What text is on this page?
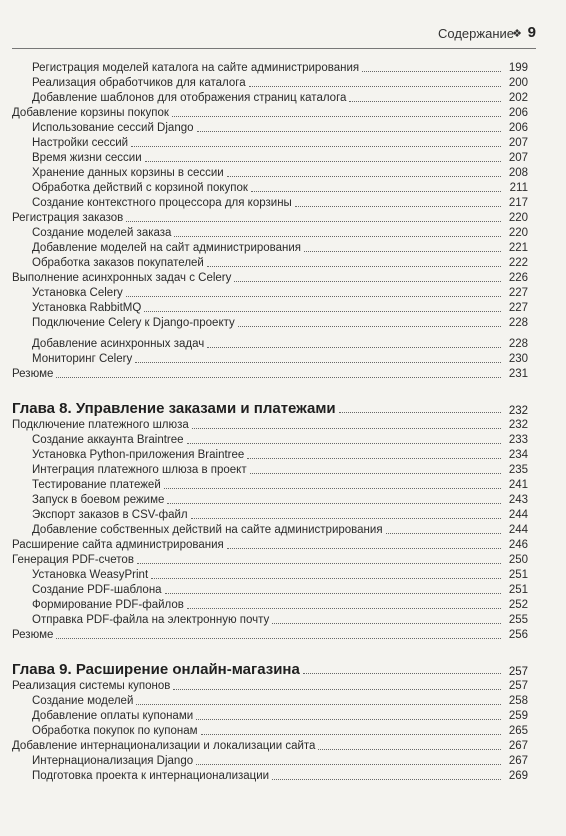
Содержание
❖ 9
Регистрация моделей каталога на сайте администрирования	199
Реализация обработчиков для каталога	200
Добавление шаблонов для отображения страниц каталога	202
Добавление корзины покупок	206
Использование сессий Django	206
Настройки сессий	207
Время жизни сессии	207
Хранение данных корзины в сессии	208
Обработка действий с корзиной покупок	211
Создание контекстного процессора для корзины	217
Регистрация заказов	220
Создание моделей заказа	220
Добавление моделей на сайт администрирования	221
Обработка заказов покупателей	222
Выполнение асинхронных задач с Celery	226
Установка Celery	227
Установка RabbitMQ	227
Подключение Celery к Django-проекту	228
Добавление асинхронных задач	228
Мониторинг Celery	230
Резюме	231
Глава 8. Управление заказами и платежами	232
Подключение платежного шлюза	232
Создание аккаунта Braintree	233
Установка Python-приложения Braintree	234
Интеграция платежного шлюза в проект	235
Тестирование платежей	241
Запуск в боевом режиме	243
Экспорт заказов в CSV-файл	244
Добавление собственных действий на сайте администрирования	244
Расширение сайта администрирования	246
Генерация PDF-счетов	250
Установка WeasyPrint	251
Создание PDF-шаблона	251
Формирование PDF-файлов	252
Отправка PDF-файла на электронную почту	255
Резюме	256
Глава 9. Расширение онлайн-магазина	257
Реализация системы купонов	257
Создание моделей	258
Добавление оплаты купонами	259
Обработка покупок по купонам	265
Добавление интернационализации и локализации сайта	267
Интернационализация Django	267
Подготовка проекта к интернационализации	269
